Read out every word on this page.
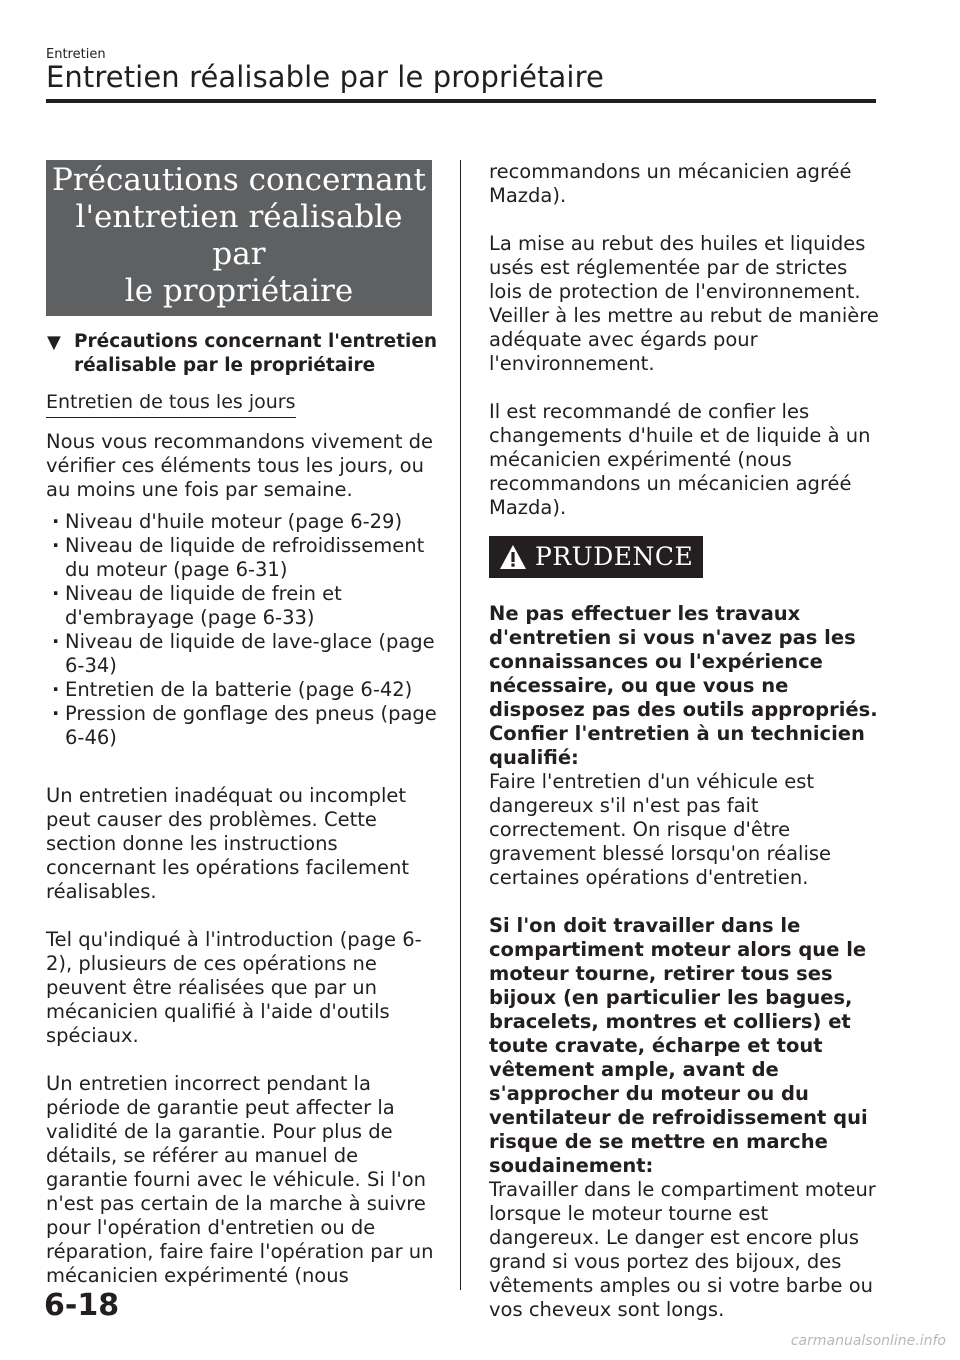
Entretien
Entretien réalisable par le propriétaire
Précautions concernant
l'entretien réalisable par
le propriétaire
▼ Précautions concernant l'entretien réalisable par le propriétaire
Entretien de tous les jours

Nous vous recommandons vivement de vérifier ces éléments tous les jours, ou au moins une fois par semaine.

· Niveau d'huile moteur (page 6-29)
· Niveau de liquide de refroidissement du moteur (page 6-31)
· Niveau de liquide de frein et d'embrayage (page 6-33)
· Niveau de liquide de lave-glace (page 6-34)
· Entretien de la batterie (page 6-42)
· Pression de gonflage des pneus (page 6-46)

Un entretien inadéquat ou incomplet peut causer des problèmes. Cette section donne les instructions concernant les opérations facilement réalisables.

Tel qu'indiqué à l'introduction (page 6-2), plusieurs de ces opérations ne peuvent être réalisées que par un mécanicien qualifié à l'aide d'outils spéciaux.

Un entretien incorrect pendant la période de garantie peut affecter la validité de la garantie. Pour plus de détails, se référer au manuel de garantie fourni avec le véhicule. Si l'on n'est pas certain de la marche à suivre pour l'opération d'entretien ou de réparation, faire faire l'opération par un mécanicien expérimenté (nous

recommandons un mécanicien agréé Mazda).

La mise au rebut des huiles et liquides usés est réglementée par de strictes lois de protection de l'environnement. Veiller à les mettre au rebut de manière adéquate avec égards pour l'environnement.

Il est recommandé de confier les changements d'huile et de liquide à un mécanicien expérimenté (nous recommandons un mécanicien agréé Mazda).

PRUDENCE

Ne pas effectuer les travaux d'entretien si vous n'avez pas les connaissances ou l'expérience nécessaire, ou que vous ne disposez pas des outils appropriés. Confier l'entretien à un technicien qualifié:

Faire l'entretien d'un véhicule est dangereux s'il n'est pas fait correctement. On risque d'être gravement blessé lorsqu'on réalise certaines opérations d'entretien.

Si l'on doit travailler dans le compartiment moteur alors que le moteur tourne, retirer tous ses bijoux (en particulier les bagues, bracelets, montres et colliers) et toute cravate, écharpe et tout vêtement ample, avant de s'approcher du moteur ou du ventilateur de refroidissement qui risque de se mettre en marche soudainement:

Travailler dans le compartiment moteur lorsque le moteur tourne est dangereux. Le danger est encore plus grand si vous portez des bijoux, des vêtements amples ou si votre barbe ou vos cheveux sont longs.

6-18
carmanualsonline.info
